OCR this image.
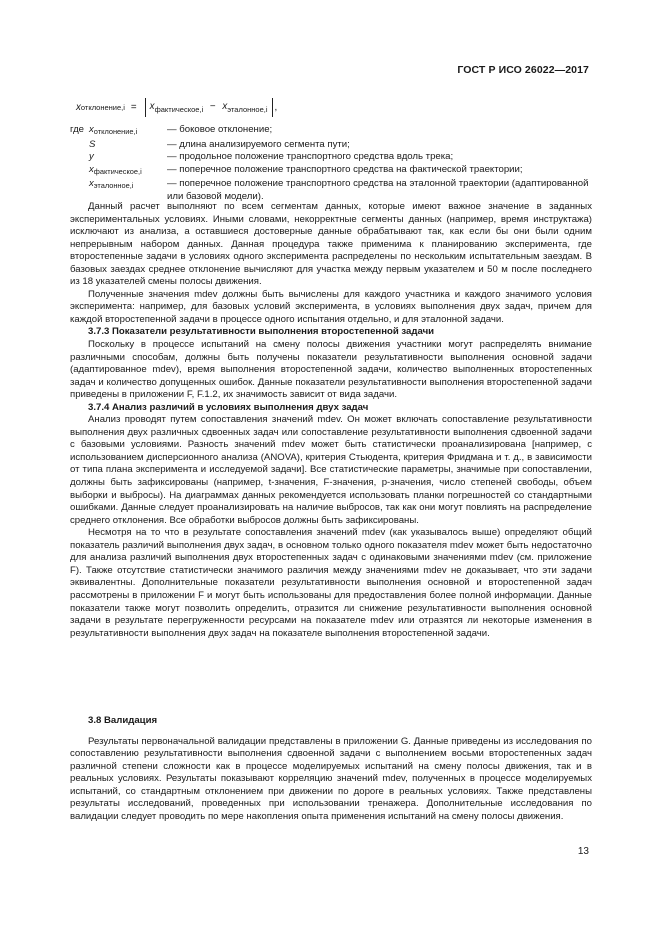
ГОСТ Р ИСО 26022—2017
x отклонение,i =	$x_{фактическое,i} - x_{эталонное,i}$ ,
где $x_{отклонение,i}$	— боковое отклонение;
S	— длина анализируемого сегмента пути;
y	— продольное положение транспортного средства вдоль трека;
$x_{фактическое,i}$	— поперечное положение транспортного средства на фактической траектории;
$x_{эталонное,i}$	— поперечное положение транспортного средства на эталонной траектории (адаптированной или базовой модели).

Данный расчет выполняют по всем сегментам данных, которые имеют важное значение в заданных экспериментальных условиях. Иными словами, некорректные сегменты данных (например, время инструктажа) исключают из анализа, а оставшиеся достоверные данные обрабатывают так, как если бы они были одним непрерывным набором данных. Данная процедура также применима к планированию эксперимента, где второстепенные задачи в условиях одного эксперимента распределены по нескольким испытательным заездам. В базовых заездах среднее отклонение вычисляют для участка между первым указателем и 50 м после последнего из 18 указателей смены полосы движения.

Полученные значения mdev должны быть вычислены для каждого участника и каждого значимого условия эксперимента: например, для базовых условий эксперимента, в условиях выполнения двух задач, причем для каждой второстепенной задачи в процессе одного испытания отдельно, и для эталонной задачи.

3.7.3 Показатели результативности выполнения второстепенной задачи

Поскольку в процессе испытаний на смену полосы движения участники могут распределять внимание различными способам, должны быть получены показатели результативности выполнения основной задачи (адаптированное mdev), время выполнения второстепенной задачи, количество выполненных второстепенных задач и количество допущенных ошибок. Данные показатели результативности выполнения второстепенной задачи приведены в приложении F, F.1.2, их значимость зависит от вида задачи.

3.7.4 Анализ различий в условиях выполнения двух задач

Анализ проводят путем сопоставления значений mdev. Он может включать сопоставление результативности выполнения двух различных сдвоенных задач или сопоставление результативности выполнения сдвоенной задачи с базовыми условиями. Разность значений mdev может быть статистически проанализирована [например, с использованием дисперсионного анализа (ANOVA), критерия Стьюдента, критерия Фридмана и т. д., в зависимости от типа плана эксперимента и исследуемой задачи]. Все статистические параметры, значимые при сопоставлении, должны быть зафиксированы (например, t-значения, F-значения, р-значения, число степеней свободы, объем выборки и выбросы). На диаграммах данных рекомендуется использовать планки погрешностей со стандартными ошибками. Данные следует проанализировать на наличие выбросов, так как они могут повлиять на распределение среднего отклонения. Все обработки выбросов должны быть зафиксированы.

Несмотря на то что в результате сопоставления значений mdev (как указывалось выше) определяют общий показатель различий выполнения двух задач, в основном только одного показателя mdev может быть недостаточно для анализа различий выполнения двух второстепенных задач с одинаковыми значениями mdev (см. приложение F). Также отсутствие статистически значимого различия между значениями mdev не доказывает, что эти задачи эквивалентны. Дополнительные показатели результативности выполнения основной и второстепенной задач рассмотрены в приложении F и могут быть использованы для предоставления более полной информации. Данные показатели также могут позволить определить, отразится ли снижение результативности выполнения основной задачи в результате перегруженности ресурсами на показателе mdev или отразятся ли некоторые изменения в результативности выполнения двух задач на показателе выполнения второстепенной задачи.

3.8 Валидация

Результаты первоначальной валидации представлены в приложении G. Данные приведены из исследования по сопоставлению результативности выполнения сдвоенной задачи с выполнением восьми второстепенных задач различной степени сложности как в процессе моделируемых испытаний на смену полосы движения, так и в реальных условиях. Результаты показывают корреляцию значений mdev, полученных в процессе моделируемых испытаний, со стандартным отклонением при движении по дороге в реальных условиях. Также представлены результаты исследований, проведенных при использовании тренажера. Дополнительные исследования по валидации следует проводить по мере накопления опыта применения испытаний на смену полосы движения.

13
